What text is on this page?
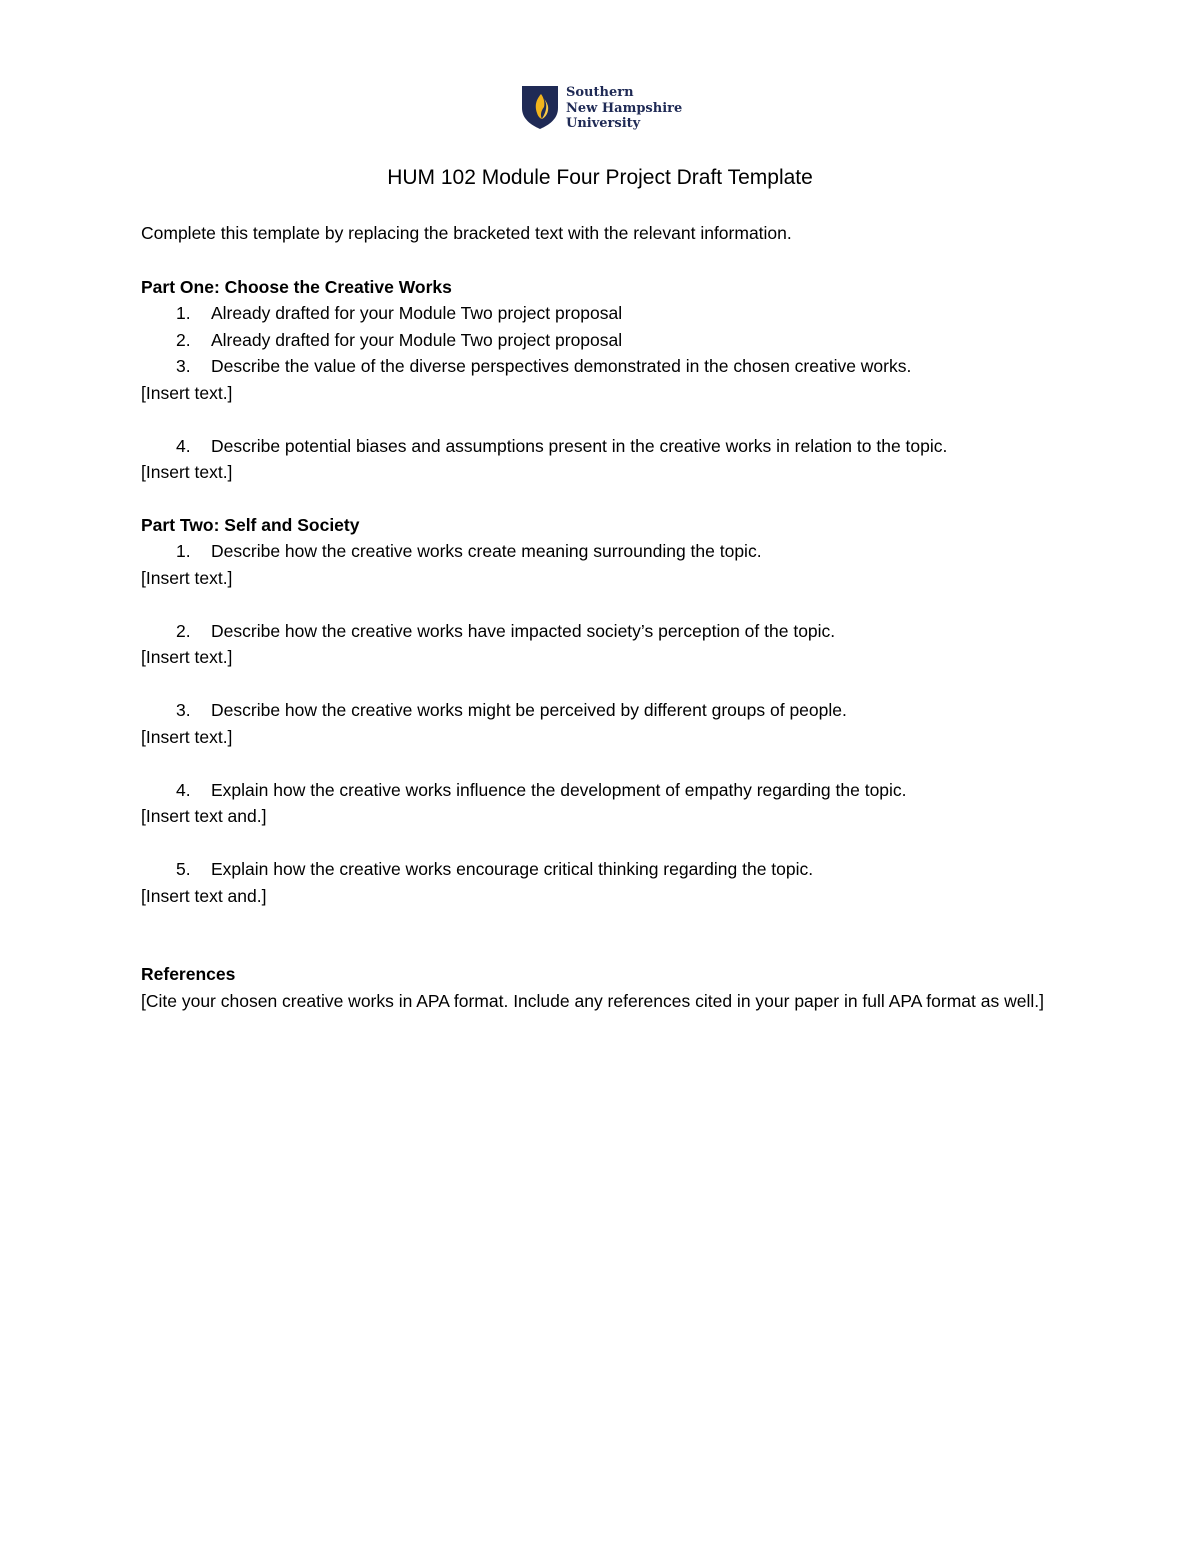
Southern
New Hampshire
University
HUM 102 Module Four Project Draft Template

Complete this template by replacing the bracketed text with the relevant information.

Part One: Choose the Creative Works

1.	Already drafted for your Module Two project proposal

2.	Already drafted for your Module Two project proposal

3.	Describe the value of the diverse perspectives demonstrated in the chosen creative works.

[Insert text.]

4.	Describe potential biases and assumptions present in the creative works in relation to the topic.

[Insert text.]

Part Two: Self and Society

1.	Describe how the creative works create meaning surrounding the topic.

[Insert text.]

2.	Describe how the creative works have impacted society’s perception of the topic.

[Insert text.]

3.	Describe how the creative works might be perceived by different groups of people.

[Insert text.]

4.	Explain how the creative works influence the development of empathy regarding the topic.

[Insert text and.]

5.	Explain how the creative works encourage critical thinking regarding the topic.

[Insert text and.]

References

[Cite your chosen creative works in APA format. Include any references cited in your paper in full APA format as well.]
